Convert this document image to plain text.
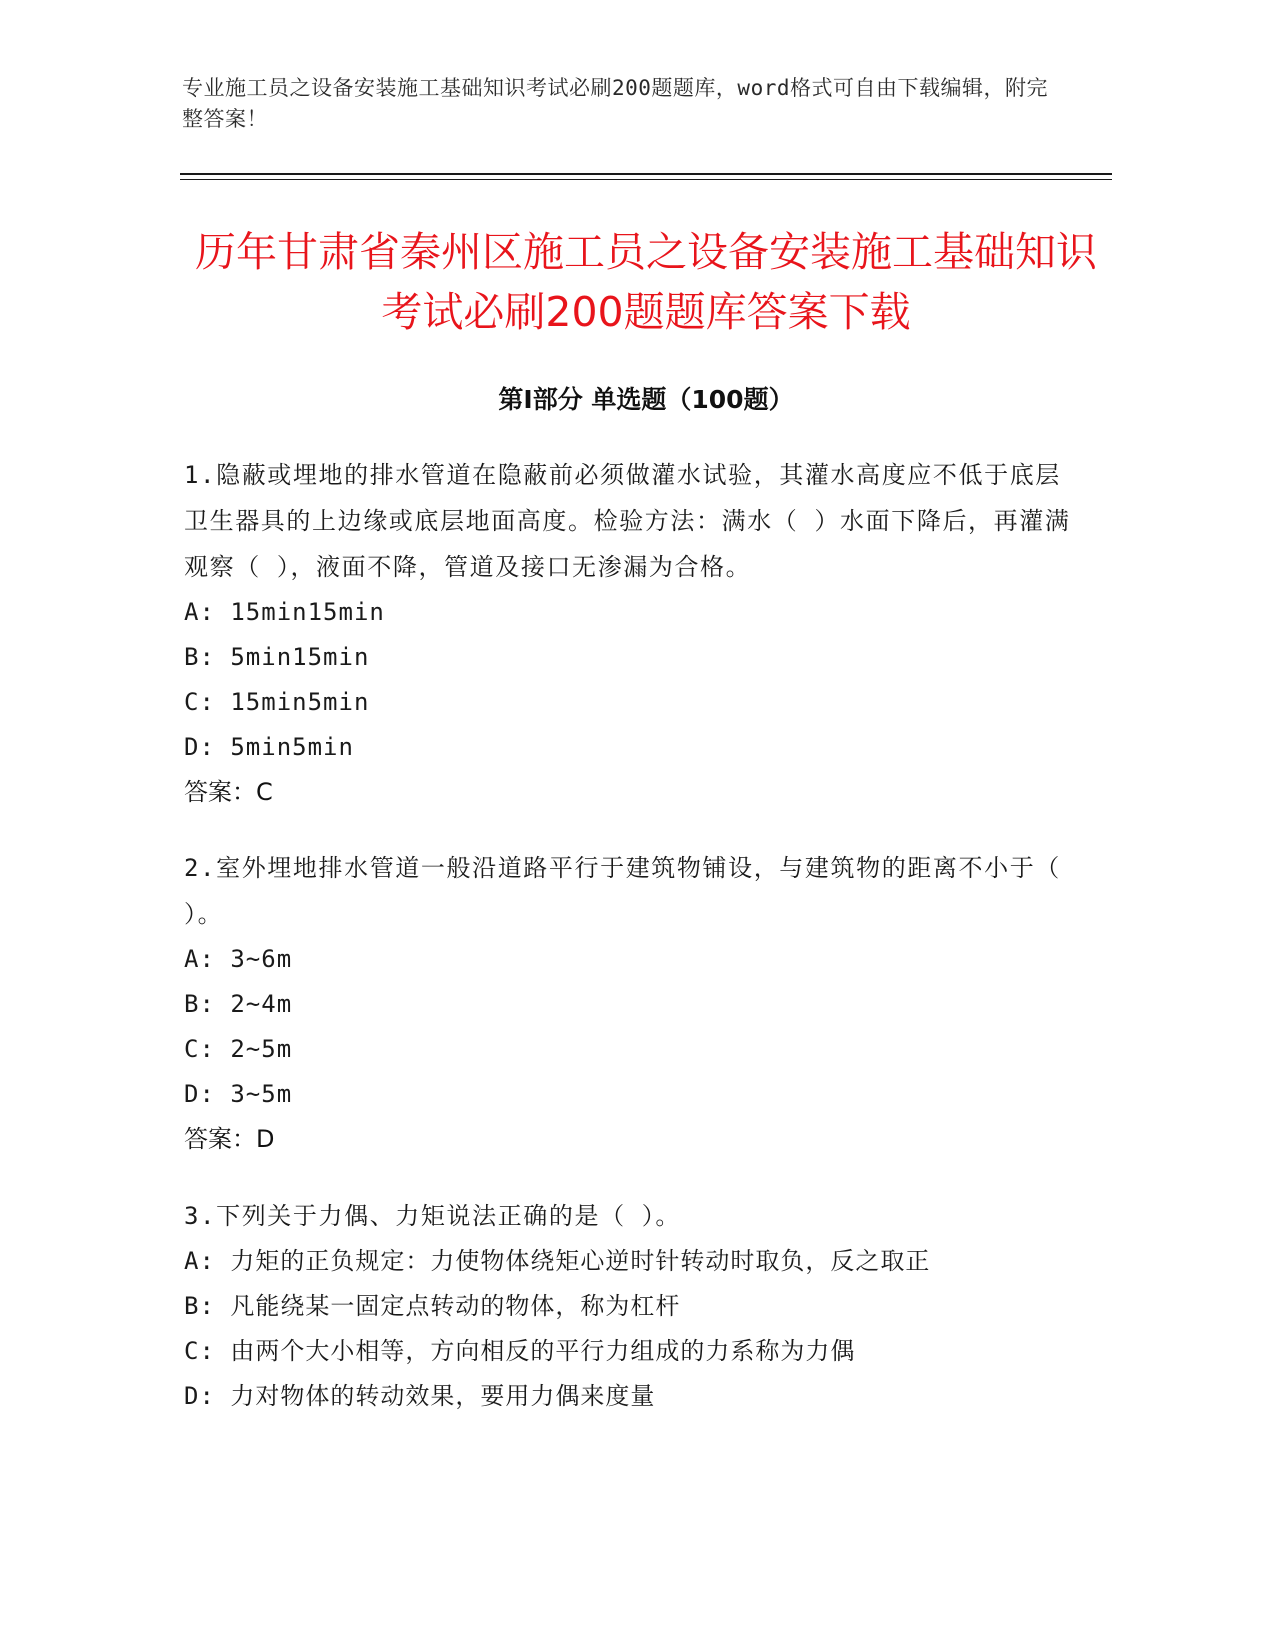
专业施工员之设备安装施工基础知识考试必刷200题题库，word格式可自由下载编辑，附完整答案！
历年甘肃省秦州区施工员之设备安装施工基础知识考试必刷200题题库答案下载
第Ⅰ部分 单选题（100题）

1.隐蔽或埋地的排水管道在隐蔽前必须做灌水试验，其灌水高度应不低于底层卫生器具的上边缘或底层地面高度。检验方法：满水（ ）水面下降后，再灌满观察（ ），液面不降，管道及接口无渗漏为合格。

A: 15min15min

B: 5min15min

C: 15min5min

D: 5min5min

答案：C

2.室外埋地排水管道一般沿道路平行于建筑物铺设，与建筑物的距离不小于（ ）。

A: 3~6m

B: 2~4m

C: 2~5m

D: 3~5m

答案：D

3.下列关于力偶、力矩说法正确的是（ ）。

A: 力矩的正负规定：力使物体绕矩心逆时针转动时取负，反之取正

B: 凡能绕某一固定点转动的物体，称为杠杆

C: 由两个大小相等，方向相反的平行力组成的力系称为力偶

D: 力对物体的转动效果，要用力偶来度量
